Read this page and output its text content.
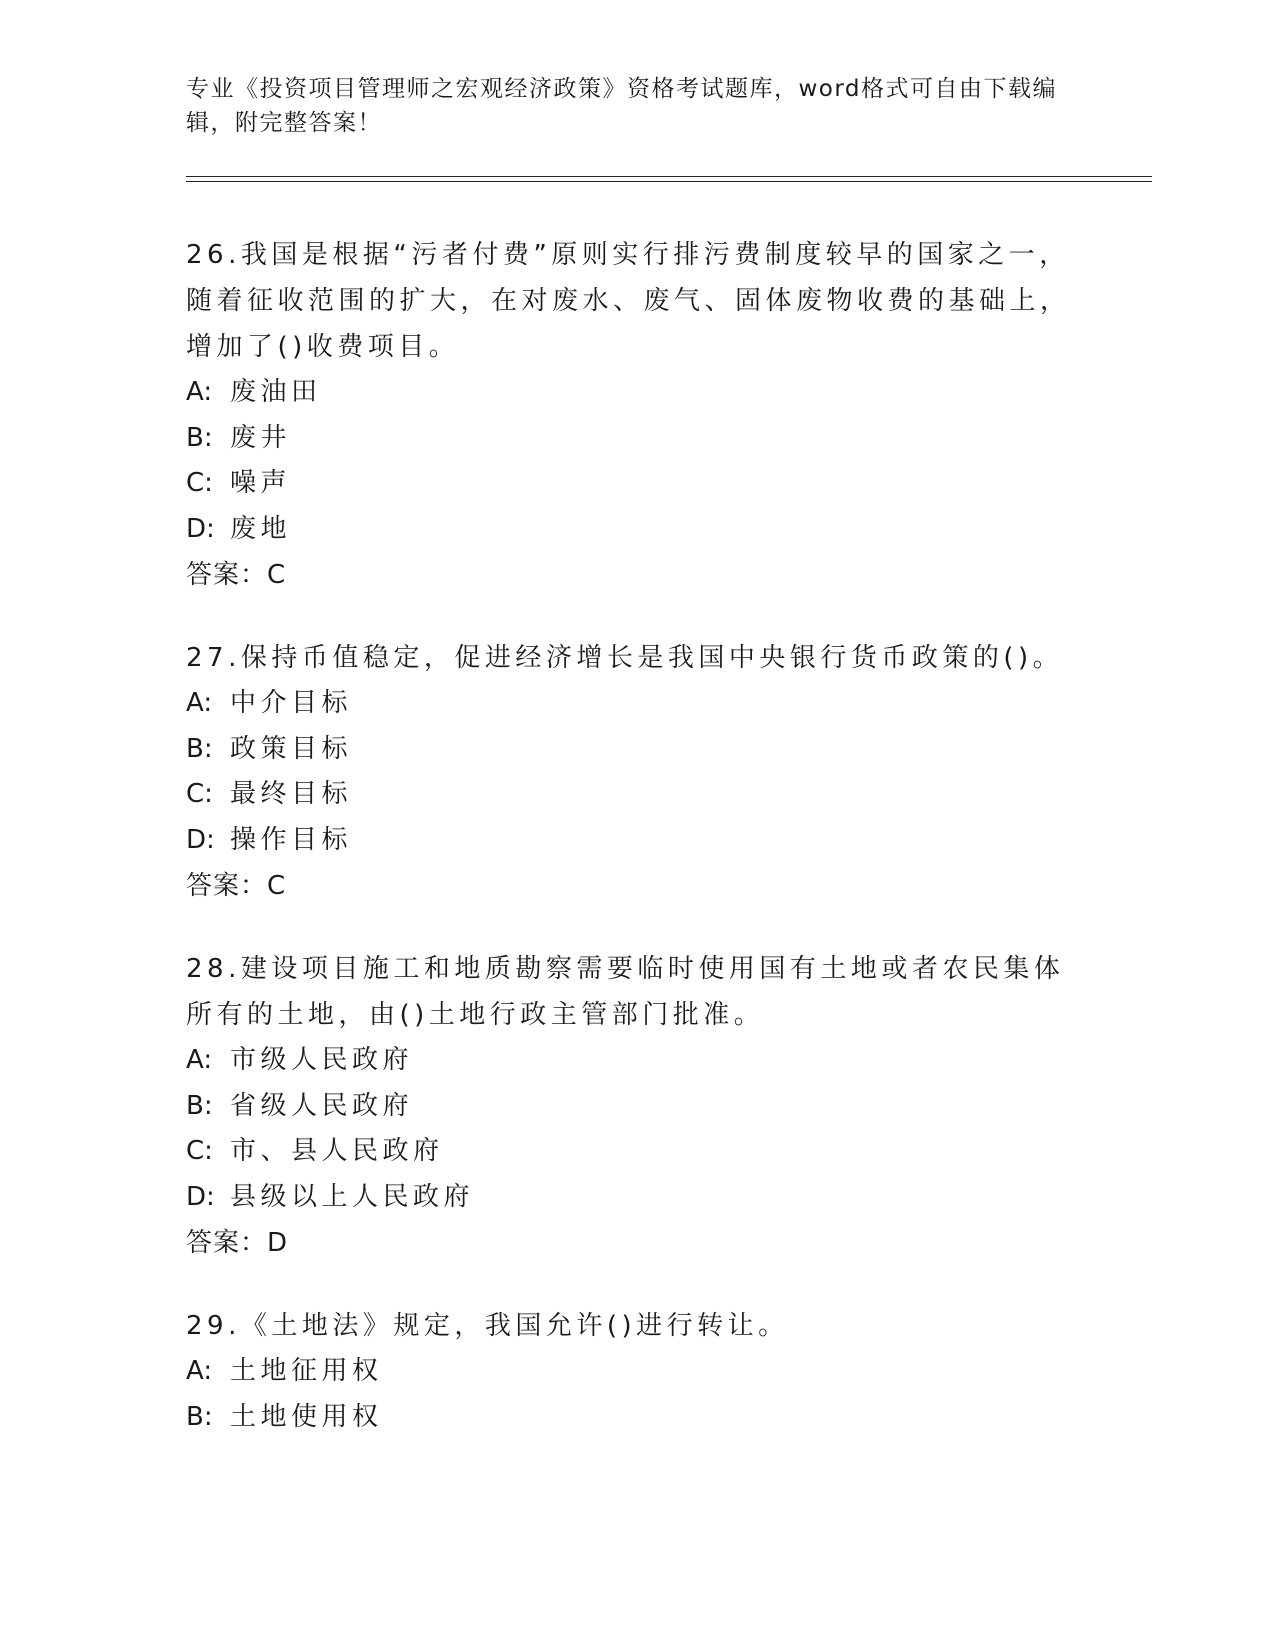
专业《投资项目管理师之宏观经济政策》资格考试题库，word格式可自由下载编辑，附完整答案！
26.我国是根据“污者付费”原则实行排污费制度较早的国家之一，随着征收范围的扩大，在对废水、废气、固体废物收费的基础上，增加了()收费项目。
A: 废油田
B: 废井
C: 噪声
D: 废地
答案：C
27.保持币值稳定，促进经济增长是我国中央银行货币政策的()。
A: 中介目标
B: 政策目标
C: 最终目标
D: 操作目标
答案：C
28.建设项目施工和地质勘察需要临时使用国有土地或者农民集体所有的土地，由()土地行政主管部门批准。
A: 市级人民政府
B: 省级人民政府
C: 市、县人民政府
D: 县级以上人民政府
答案：D
29.《土地法》规定，我国允许()进行转让。
A: 土地征用权
B: 土地使用权
